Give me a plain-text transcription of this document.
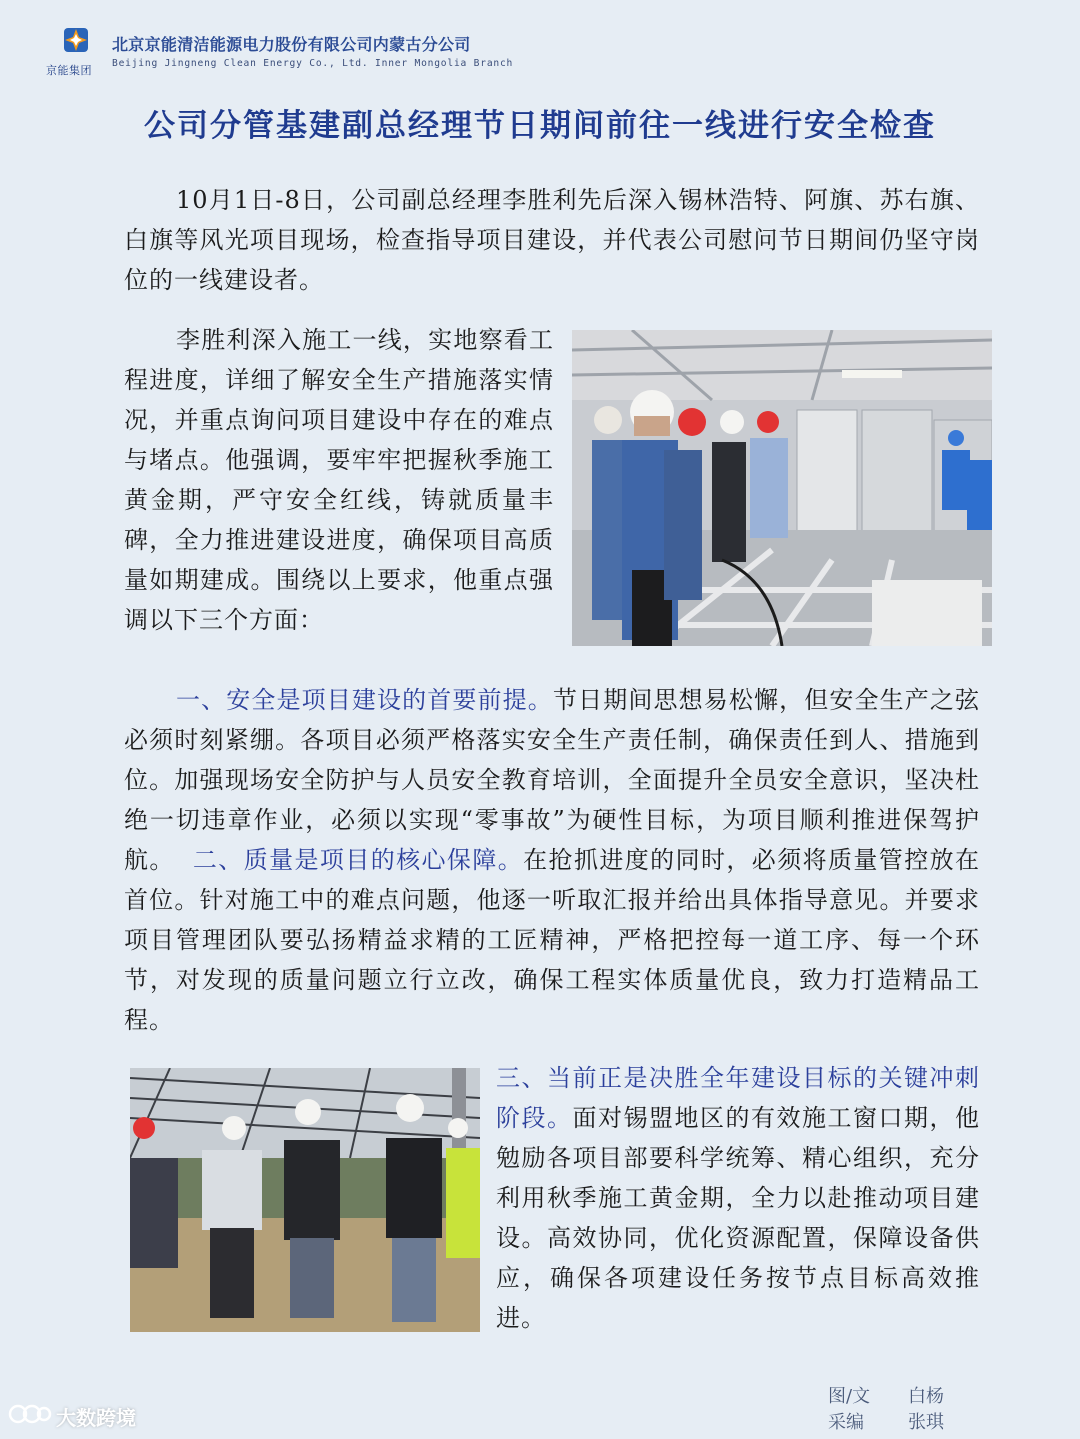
京能集团
北京京能清洁能源电力股份有限公司内蒙古分公司
Beijing Jingneng Clean Energy Co., Ltd. Inner Mongolia Branch
公司分管基建副总经理节日期间前往一线进行安全检查

10月1日-8日，公司副总经理李胜利先后深入锡林浩特、阿旗、苏右旗、白旗等风光项目现场，检查指导项目建设，并代表公司慰问节日期间仍坚守岗位的一线建设者。

李胜利深入施工一线，实地察看工程进度，详细了解安全生产措施落实情况，并重点询问项目建设中存在的难点与堵点。他强调，要牢牢把握秋季施工黄金期，严守安全红线，铸就质量丰碑，全力推进建设进度，确保项目高质量如期建成。围绕以上要求，他重点强调以下三个方面：

一、安全是项目建设的首要前提。节日期间思想易松懈，但安全生产之弦必须时刻紧绷。各项目必须严格落实安全生产责任制，确保责任到人、措施到位。加强现场安全防护与人员安全教育培训，全面提升全员安全意识，坚决杜绝一切违章作业，必须以实现“零事故”为硬性目标，为项目顺利推进保驾护航。 二、质量是项目的核心保障。在抢抓进度的同时，必须将质量管控放在首位。针对施工中的难点问题，他逐一听取汇报并给出具体指导意见。并要求项目管理团队要弘扬精益求精的工匠精神，严格把控每一道工序、每一个环节，对发现的质量问题立行立改，确保工程实体质量优良，致力打造精品工程。

三、当前正是决胜全年建设目标的关键冲刺阶段。面对锡盟地区的有效施工窗口期，他勉励各项目部要科学统筹、精心组织，充分利用秋季施工黄金期，全力以赴推动项目建设。高效协同，优化资源配置，保障设备供应，确保各项建设任务按节点目标高效推进。

图/文 白杨
采编 张琪
大数跨境
